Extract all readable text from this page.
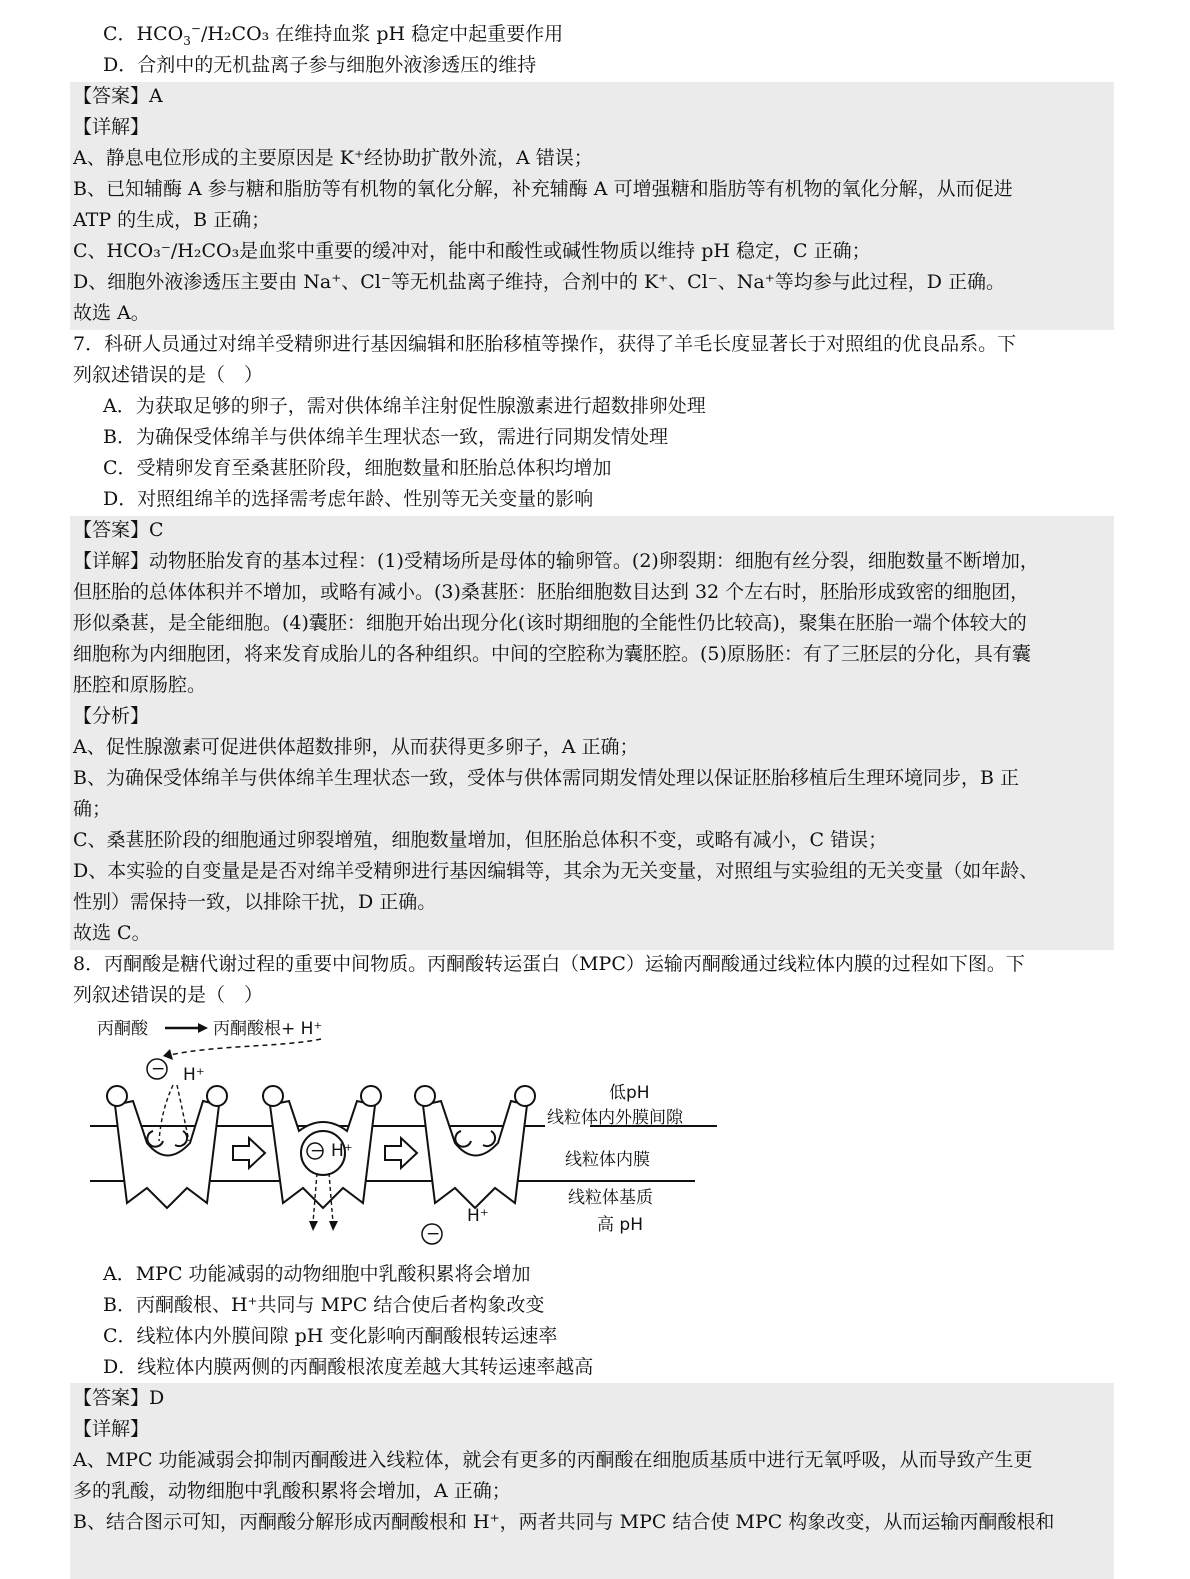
C．$HCO_3^-$/H₂CO₃ 在维持血浆 pH 稳定中起重要作用
D．合剂中的无机盐离子参与细胞外液渗透压的维持
【答案】A
【详解】
A、静息电位形成的主要原因是 K⁺经协助扩散外流，A 错误；
B、已知辅酶 A 参与糖和脂肪等有机物的氧化分解，补充辅酶 A 可增强糖和脂肪等有机物的氧化分解，从而促进
ATP 的生成，B 正确；
C、HCO₃⁻/H₂CO₃是血浆中重要的缓冲对，能中和酸性或碱性物质以维持 pH 稳定，C 正确；
D、细胞外液渗透压主要由 Na⁺、Cl⁻等无机盐离子维持，合剂中的 K⁺、Cl⁻、Na⁺等均参与此过程，D 正确。
故选 A。
7．科研人员通过对绵羊受精卵进行基因编辑和胚胎移植等操作，获得了羊毛长度显著长于对照组的优良品系。下
列叙述错误的是（　）
A．为获取足够的卵子，需对供体绵羊注射促性腺激素进行超数排卵处理
B．为确保受体绵羊与供体绵羊生理状态一致，需进行同期发情处理
C．受精卵发育至桑葚胚阶段，细胞数量和胚胎总体积均增加
D．对照组绵羊的选择需考虑年龄、性别等无关变量的影响
【答案】C
【详解】动物胚胎发育的基本过程：(1)受精场所是母体的输卵管。(2)卵裂期：细胞有丝分裂，细胞数量不断增加，
但胚胎的总体体积并不增加，或略有减小。(3)桑葚胚：胚胎细胞数目达到 32 个左右时，胚胎形成致密的细胞团，
形似桑葚，是全能细胞。(4)囊胚：细胞开始出现分化(该时期细胞的全能性仍比较高)，聚集在胚胎一端个体较大的
细胞称为内细胞团，将来发育成胎儿的各种组织。中间的空腔称为囊胚腔。(5)原肠胚：有了三胚层的分化，具有囊
胚腔和原肠腔。
【分析】
A、促性腺激素可促进供体超数排卵，从而获得更多卵子，A 正确；
B、为确保受体绵羊与供体绵羊生理状态一致，受体与供体需同期发情处理以保证胚胎移植后生理环境同步，B 正
确；
C、桑葚胚阶段的细胞通过卵裂增殖，细胞数量增加，但胚胎总体积不变，或略有减小，C 错误；
D、本实验的自变量是是否对绵羊受精卵进行基因编辑等，其余为无关变量，对照组与实验组的无关变量（如年龄、
性别）需保持一致，以排除干扰，D 正确。
故选 C。
8．丙酮酸是糖代谢过程的重要中间物质。丙酮酸转运蛋白（MPC）运输丙酮酸通过线粒体内膜的过程如下图。下
列叙述错误的是（　）
丙酮酸	丙酮酸根+ H⁺
− H⁺
− H⁺
−
H⁺
低pH
线粒体内外膜间隙
线粒体内膜
线粒体基质
高 pH
A．MPC 功能减弱的动物细胞中乳酸积累将会增加
B．丙酮酸根、H⁺共同与 MPC 结合使后者构象改变
C．线粒体内外膜间隙 pH 变化影响丙酮酸根转运速率
D．线粒体内膜两侧的丙酮酸根浓度差越大其转运速率越高
【答案】D
【详解】
A、MPC 功能减弱会抑制丙酮酸进入线粒体，就会有更多的丙酮酸在细胞质基质中进行无氧呼吸，从而导致产生更
多的乳酸，动物细胞中乳酸积累将会增加，A 正确；
B、结合图示可知，丙酮酸分解形成丙酮酸根和 H⁺，两者共同与 MPC 结合使 MPC 构象改变，从而运输丙酮酸根和
